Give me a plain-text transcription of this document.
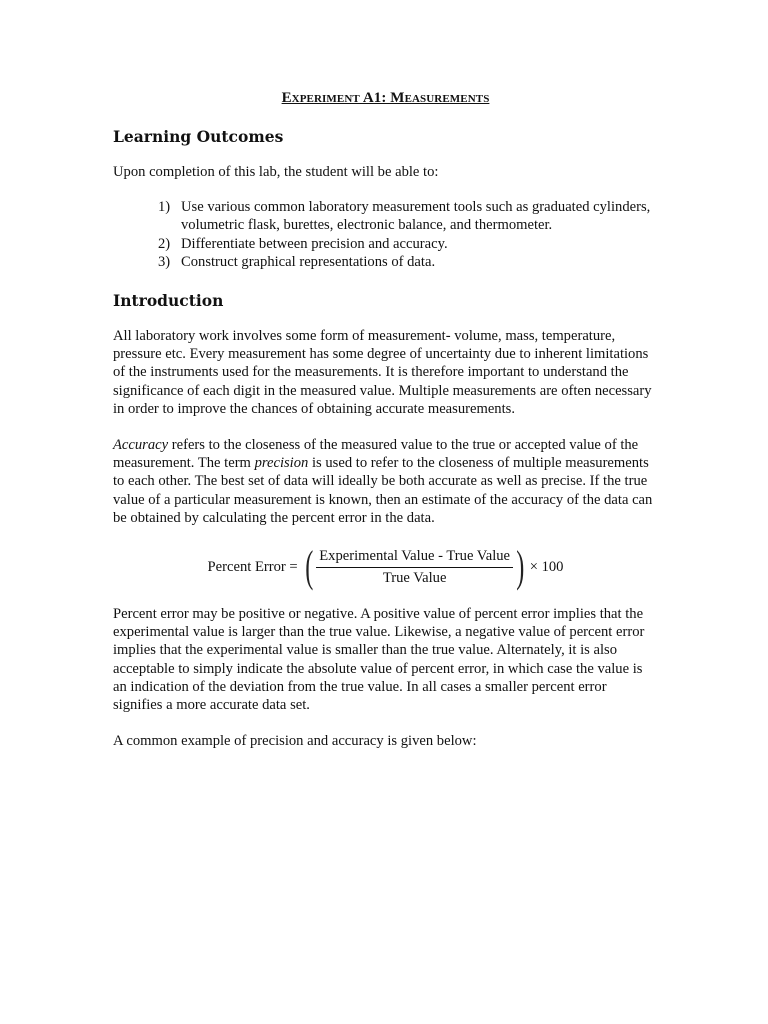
Experiment A1: Measurements
Learning Outcomes

Upon completion of this lab, the student will be able to:

1) Use various common laboratory measurement tools such as graduated cylinders, volumetric flask, burettes, electronic balance, and thermometer.
2) Differentiate between precision and accuracy.
3) Construct graphical representations of data.
Introduction

All laboratory work involves some form of measurement- volume, mass, temperature, pressure etc. Every measurement has some degree of uncertainty due to inherent limitations of the instruments used for the measurements. It is therefore important to understand the significance of each digit in the measured value. Multiple measurements are often necessary in order to improve the chances of obtaining accurate measurements.

Accuracy refers to the closeness of the measured value to the true or accepted value of the measurement. The term precision is used to refer to the closeness of multiple measurements to each other. The best set of data will ideally be both accurate as well as precise. If the true value of a particular measurement is known, then an estimate of the accuracy of the data can be obtained by calculating the percent error in the data.

Percent Error = ( $\frac{\text{Experimental Value - True Value}}{\text{True Value}}$ ) × 100

Percent error may be positive or negative. A positive value of percent error implies that the experimental value is larger than the true value. Likewise, a negative value of percent error implies that the experimental value is smaller than the true value. Alternately, it is also acceptable to simply indicate the absolute value of percent error, in which case the value is an indication of the deviation from the true value. In all cases a smaller percent error signifies a more accurate data set.

A common example of precision and accuracy is given below:
